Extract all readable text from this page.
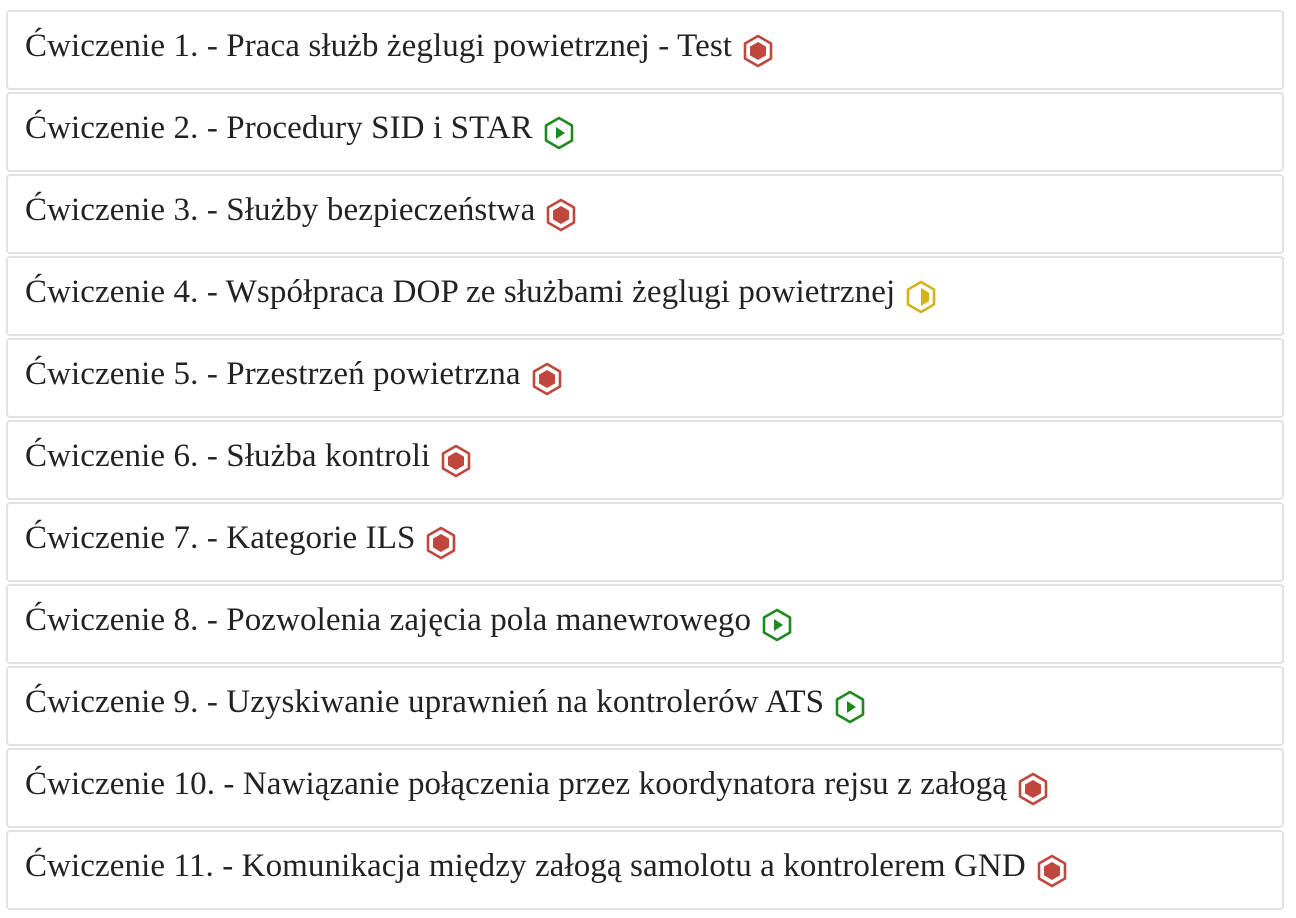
Ćwiczenie 1. - Praca służb żeglugi powietrznej - Test
Ćwiczenie 2. - Procedury SID i STAR
Ćwiczenie 3. - Służby bezpieczeństwa
Ćwiczenie 4. - Współpraca DOP ze służbami żeglugi powietrznej
Ćwiczenie 5. - Przestrzeń powietrzna
Ćwiczenie 6. - Służba kontroli
Ćwiczenie 7. - Kategorie ILS
Ćwiczenie 8. - Pozwolenia zajęcia pola manewrowego
Ćwiczenie 9. - Uzyskiwanie uprawnień na kontrolerów ATS
Ćwiczenie 10. - Nawiązanie połączenia przez koordynatora rejsu z załogą
Ćwiczenie 11. - Komunikacja między załogą samolotu a kontrolerem GND
